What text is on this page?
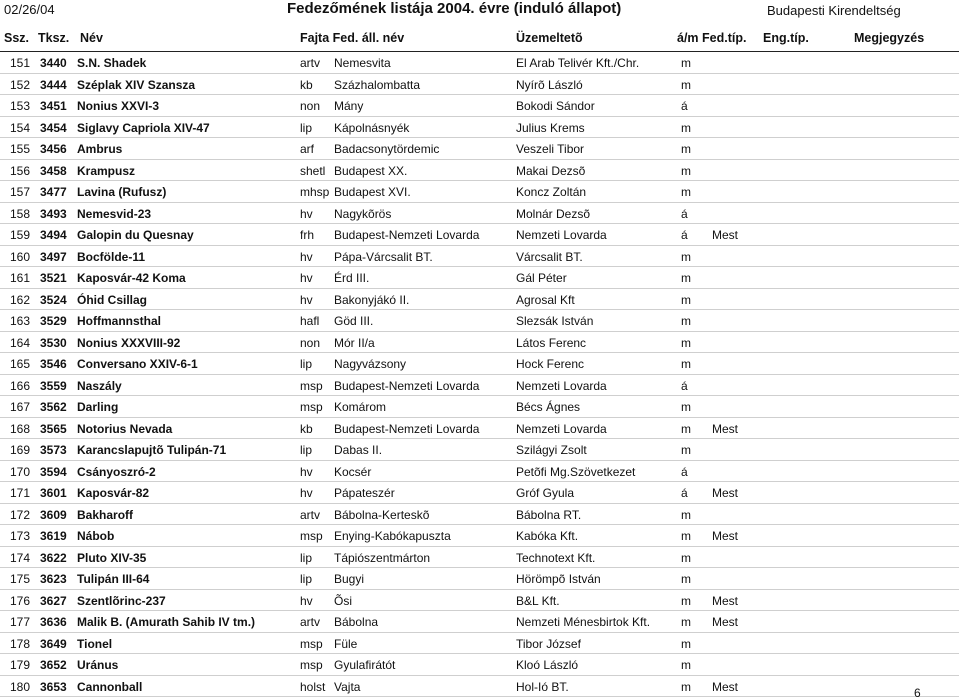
02/26/04	Fedezőmének listája 2004. évre (induló állapot)	Budapesti Kirendeltség
Ssz. Tksz. Név	Fajta Fed. áll. név	Üzemeltetõ	á/m Fed.típ. Eng.típ.	Megjegyzés
151 3440 S.N. Shadek	artv	Nemesvita	El Arab Telivér Kft./Chr.	m
152 3444 Széplak XIV Szansza	kb	Százhalombatta	Nyírõ László	m
153 3451 Nonius XXVI-3	non	Mány	Bokodi Sándor	á
154 3454 Siglavy Capriola XIV-47	lip	Kápolnásnyék	Julius Krems	m
155 3456 Ambrus	arf	Badacsonytördemic	Veszeli Tibor	m
156 3458 Krampusz	shetl Budapest XX.	Makai Dezsõ	m
157 3477 Lavina (Rufusz)	mhsp Budapest XVI.	Koncz Zoltán	m
158 3493 Nemesvid-23	hv	Nagykõrös	Molnár Dezsõ	á
159 3494 Galopin du Quesnay	frh	Budapest-Nemzeti Lovarda	Nemzeti Lovarda	á	Mest
160 3497 Bocfölde-11	hv	Pápa-Várcsalit BT.	Várcsalit BT.	m
161 3521 Kaposvár-42 Koma	hv	Érd III.	Gál Péter	m
162 3524 Óhid Csillag	hv	Bakonyjákó II.	Agrosal Kft	m
163 3529 Hoffmannsthal	hafl	Göd III.	Slezsák István	m
164 3530 Nonius XXXVIII-92	non	Mór II/a	Látos Ferenc	m
165 3546 Conversano XXIV-6-1	lip	Nagyvázsony	Hock Ferenc	m
166 3559 Naszály	msp Budapest-Nemzeti Lovarda	Nemzeti Lovarda	á
167 3562 Darling	msp Komárom	Bécs Ágnes	m
168 3565 Notorius Nevada	kb	Budapest-Nemzeti Lovarda	Nemzeti Lovarda	m	Mest
169 3573 Karancslapujtõ Tulipán-71	lip	Dabas II.	Szilágyi Zsolt	m
170 3594 Csányoszró-2	hv	Kocsér	Petõfi Mg.Szövetkezet	á
171 3601 Kaposvár-82	hv	Pápateszér	Gróf Gyula	á	Mest
172 3609 Bakharoff	artv	Bábolna-Kerteskõ	Bábolna RT.	m
173 3619 Nábob	msp Enying-Kabókapuszta	Kabóka Kft.	m	Mest
174 3622 Pluto XIV-35	lip	Tápiószentmárton	Technotext Kft.	m
175 3623 Tulipán III-64	lip	Bugyi	Hörömpõ István	m
176 3627 Szentlõrinc-237	hv	Õsi	B&L Kft.	m	Mest
177 3636 Malik B. (Amurath Sahib IV tm.)	artv	Bábolna	Nemzeti Ménesbirtok Kft.	m	Mest
178 3649 Tionel	msp Füle	Tibor József	m
179 3652 Uránus	msp Gyulafirátót	Kloó László	m
180 3653 Cannonball	holst Vajta	Hol-Ió BT.	m	Mest	6
